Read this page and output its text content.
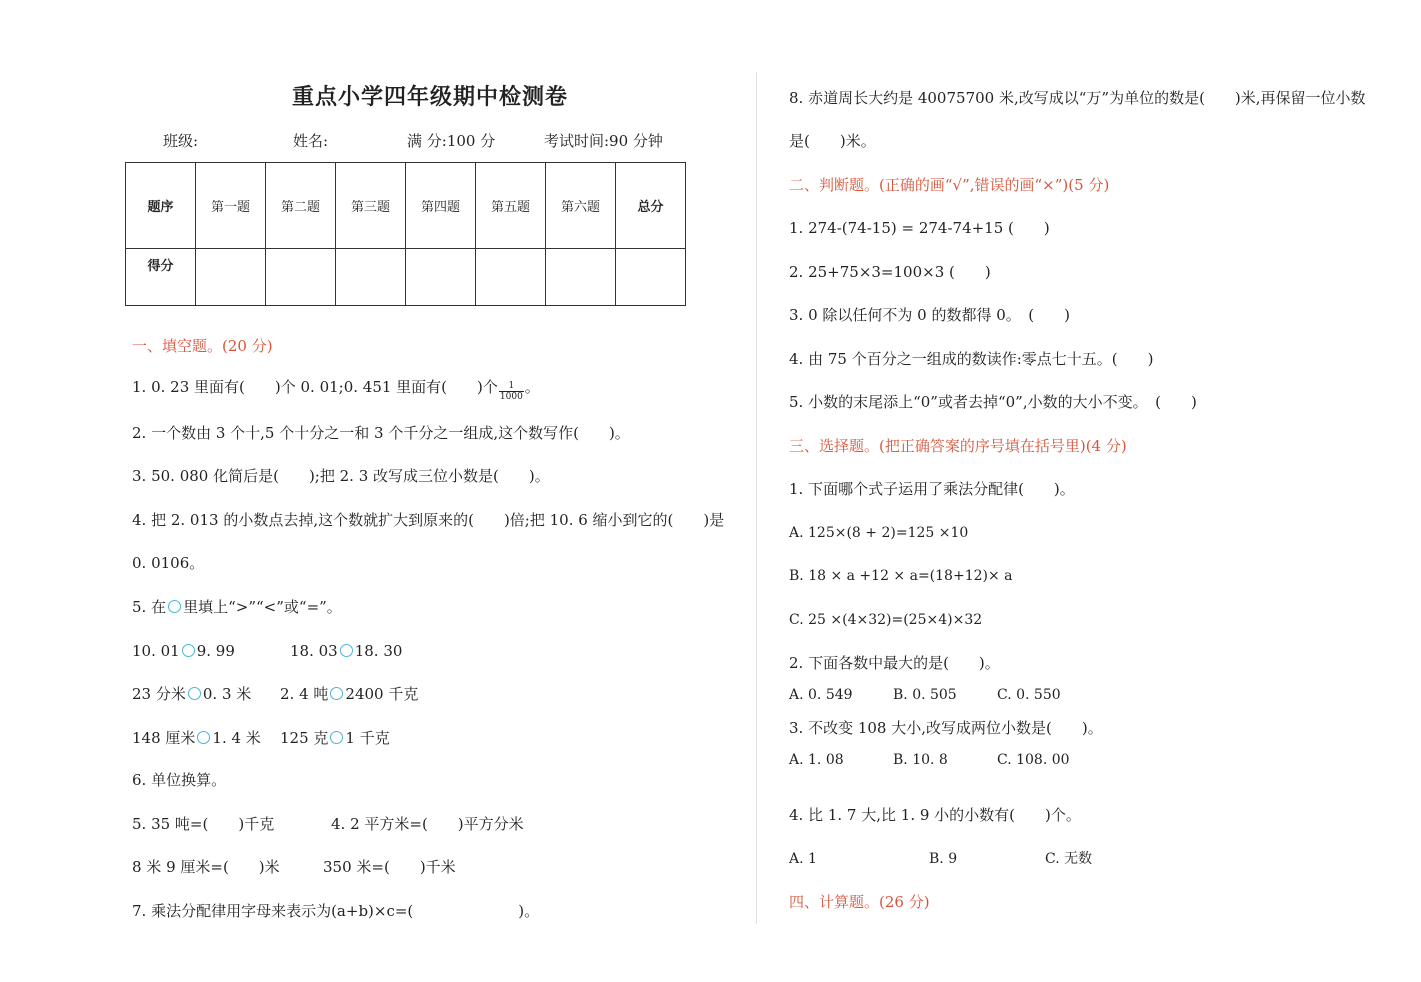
重点小学四年级期中检测卷
班级:	姓名:	满 分:100 分	考试时间:90 分钟
题序	第一题	第二题	第三题	第四题	第五题	第六题	总分
得分							
一、填空题。(20 分)
1. 0. 23 里面有(　　)个 0. 01;0. 451 里面有(　　)个 $\frac{1}{1000}$ 。
2. 一个数由 3 个十,5 个十分之一和 3 个千分之一组成,这个数写作(　　)。
3. 50. 080 化简后是(　　);把 2. 3 改写成三位小数是(　　)。
4. 把 2. 013 的小数点去掉,这个数就扩大到原来的(　　)倍;把 10. 6 缩小到它的(　　)是
0. 0106。
5. 在 里填上“>”“<”或“=”。
10. 01 9. 99	18. 03 18. 30
23 分米 0. 3 米 2. 4 吨 2400 千克
148 厘米 1. 4 米 125 克 1 千克
6. 单位换算。
5. 35 吨=(　　)千克	4. 2 平方米=(　　)平方分米
8 米 9 厘米=(　　)米	350 米=(　　)千米
7. 乘法分配律用字母来表示为(a+b)×c=(　　　　　　　)。
8. 赤道周长大约是 40075700 米,改写成以“万”为单位的数是(　　)米,再保留一位小数
是(　　)米。
二、判断题。(正确的画“√”,错误的画“×”)(5 分)
1. 274-(74-15) = 274-74+15 (　　)
2. 25+75×3=100×3 (　　)
3. 0 除以任何不为 0 的数都得 0。　(　　)
4. 由 75 个百分之一组成的数读作:零点七十五。(　　)
5. 小数的末尾添上“0”或者去掉“0”,小数的大小不变。　(　　)
三、选择题。(把正确答案的序号填在括号里)(4 分)
1. 下面哪个式子运用了乘法分配律(　　)。
A. 125×(8 + 2)=125 ×10
B. 18 × a +12 × a=(18+12)× a
C. 25 ×(4×32)=(25×4)×32
2. 下面各数中最大的是(　　)。
A. 0. 549	B. 0. 505	C. 0. 550
3. 不改变 108 大小,改写成两位小数是(　　)。
A. 1. 08	B. 10. 8	C. 108. 00
4. 比 1. 7 大,比 1. 9 小的小数有(　　)个。
A. 1	B. 9	C. 无数
四、计算题。(26 分)
